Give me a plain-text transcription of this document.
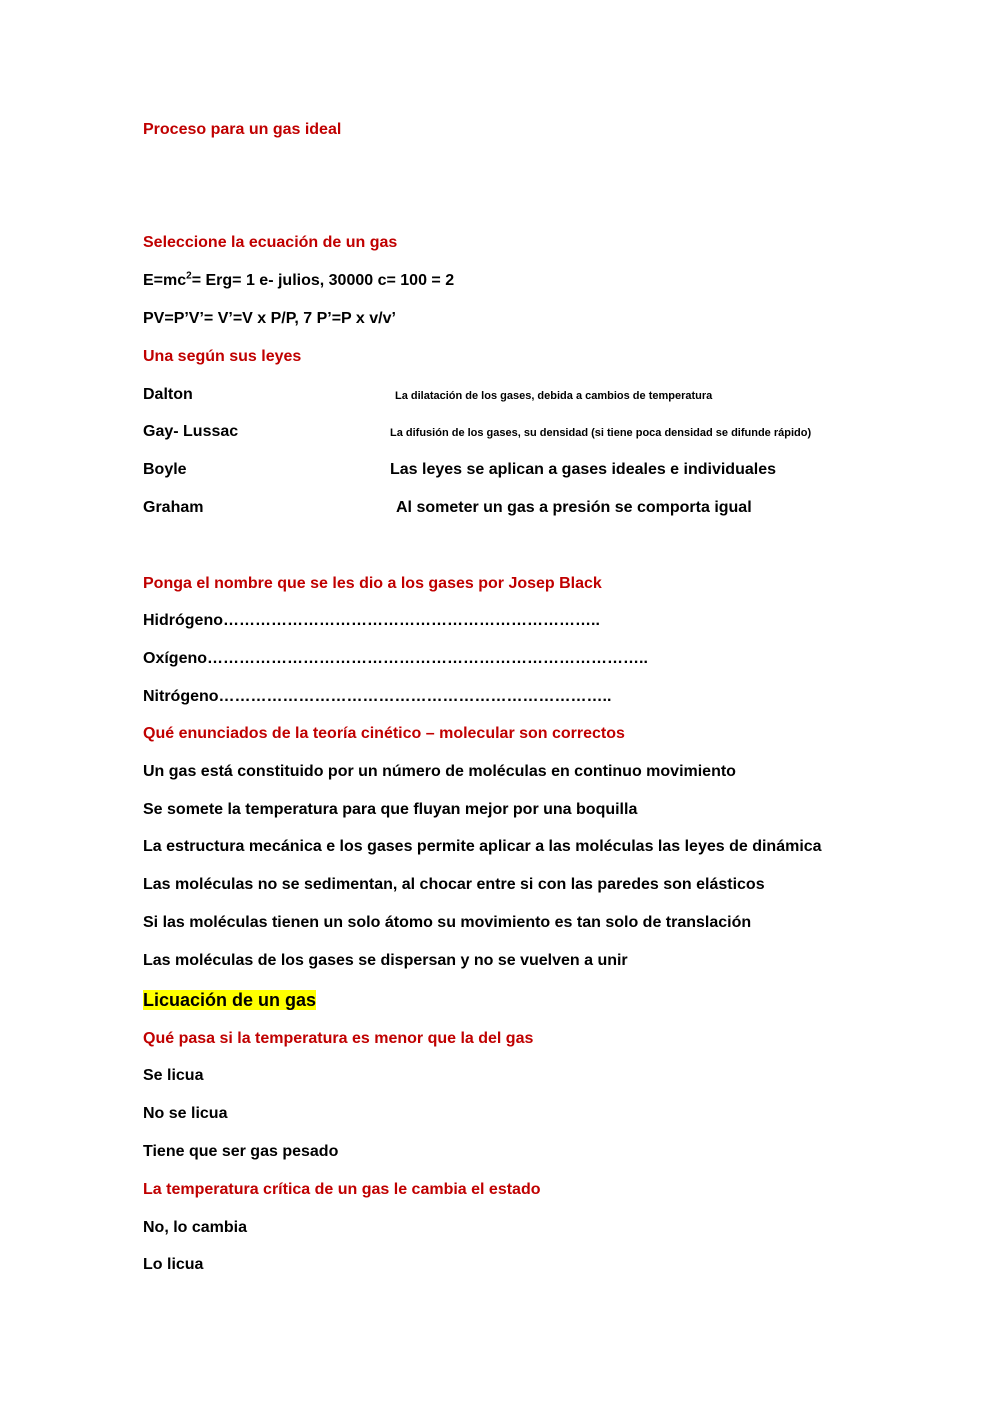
Proceso para un gas ideal
Seleccione la ecuación de un gas
$E=mc^2= Erg= 1$ e- julios, 30000 c= 100 = 2
PV=P’V’= V’=V x P/P, 7 P’=P x v/v’
Una según sus leyes
Dalton	La dilatación de los gases, debida a cambios de temperatura
Gay- Lussac	La difusión de los gases, su densidad (si tiene poca densidad se difunde rápido)
Boyle	Las leyes se aplican a gases ideales e individuales
Graham	Al someter un gas a presión se comporta igual
Ponga el nombre que se les dio a los gases por Josep Black
Hidrógeno……………………………………………………………..
Oxígeno………………………………………………………………………..
Nitrógeno………………………………………………………………..
Qué enunciados de la teoría cinético – molecular son correctos
Un gas está constituido por un número de moléculas en continuo movimiento
Se somete la temperatura para que fluyan mejor por una boquilla
La estructura mecánica e los gases permite aplicar a las moléculas las leyes de dinámica
Las moléculas no se sedimentan, al chocar entre si con las paredes son elásticos
Si las moléculas tienen un solo átomo su movimiento es tan solo de translación
Las moléculas de los gases se dispersan y no se vuelven a unir
Licuación de un gas
Qué pasa si la temperatura es menor que la del gas
Se licua
No se licua
Tiene que ser gas pesado
La temperatura crítica de un gas le cambia el estado
No, lo cambia
Lo licua
